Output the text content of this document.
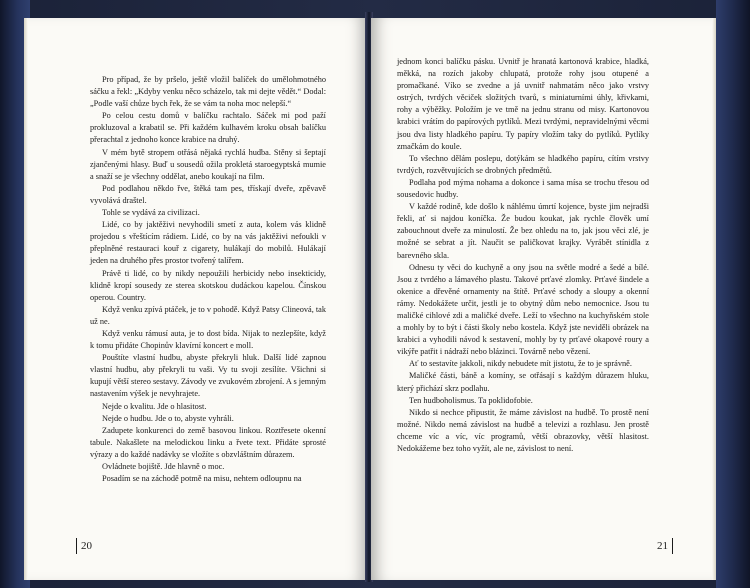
Pro případ, že by pršelo, ještě vložil balíček do umělohmotného sáčku a řekl: „Kdyby venku něco scházelo, tak mi dejte vědět.“ Dodal: „Podle vaší chůze bych řek, že se vám ta noha moc nelepší.“

Po celou cestu domů v balíčku rachtalo. Sáček mi pod paží prokluzoval a krabatil se. Při každém kulhavém kroku obsah balíčku přerachtal z jednoho konce krabice na druhý.

V mém bytě stropem otřásá nějaká rychlá hudba. Stěny si šeptají zjančenými hlasy. Buď u sousedů ožila prokletá staroegyptská mumie a snaží se je všechny oddělat, anebo koukají na film.

Pod podlahou někdo řve, štěká tam pes, třískají dveře, zpěvavě vyvolává draštel.

Tohle se vydává za civilizaci.

Lidé, co by jaktěživi nevyhodili smetí z auta, kolem vás klidně projedou s vřeštícím rádiem. Lidé, co by na vás jaktěživi nefoukli v přeplněné restauraci kouř z cigarety, hulákají do mobilů. Hulákají jeden na druhého přes prostor tvořený talířem.

Právě ti lidé, co by nikdy nepoužili herbicidy nebo insekticidy, klidně kropí sousedy ze sterea skotskou dudáckou kapelou. Čínskou operou. Country.

Když venku zpívá ptáček, je to v pohodě. Když Patsy Clineová, tak už ne.

Když venku rámusí auta, je to dost bída. Nijak to nezlepšíte, když k tomu přidáte Chopinův klavírní koncert e moll.

Pouštíte vlastní hudbu, abyste překryli hluk. Další lidé zapnou vlastní hudbu, aby překryli tu vaši. Vy tu svoji zesílíte. Všichni si kupují větší stereo sestavy. Závody ve zvukovém zbrojení. A s jemným nastavením výšek je nevyhrajete.

Nejde o kvalitu. Jde o hlasitost.

Nejde o hudbu. Jde o to, abyste vyhráli.

Zadupete konkurenci do země basovou linkou. Roztřesete okenní tabule. Nakašlete na melodickou linku a řvete text. Přidáte sprosté výrazy a do každé nadávky se vložíte s obzvláštním důrazem.

Ovládnete bojiště. Jde hlavně o moc.

Posadím se na záchodě potmě na misu, nehtem odloupnu na

20

jednom konci balíčku pásku. Uvnitř je hranatá kartonová krabice, hladká, měkká, na rozích jakoby chlupatá, protože rohy jsou otupené a promačkané. Víko se zvedne a já uvnitř nahmatám něco jako vrstvy ostrých, tvrdých věciček složitých tvarů, s miniaturními úhly, křivkami, rohy a výběžky. Položím je ve tmě na jednu stranu od misy. Kartonovou krabici vrátím do papírových pytlíků. Mezi tvrdými, nepravidelnými věcmi jsou dva listy hladkého papíru. Ty papíry vložím taky do pytlíků. Pytlíky zmačkám do koule.

To všechno dělám poslepu, dotýkám se hladkého papíru, cítím vrstvy tvrdých, rozvětvujících se drobných předmětů.

Podlaha pod mýma nohama a dokonce i sama mísa se trochu třesou od sousedovic hudby.

V každé rodině, kde došlo k náhlému úmrtí kojence, byste jim nejradši řekli, ať si najdou koníčka. Že budou koukat, jak rychle člověk umí zabouchnout dveře za minulostí. Že bez ohledu na to, jak jsou věci zlé, je možné se sebrat a jít. Naučit se paličkovat krajky. Vyrábět stínidla z barevného skla.

Odnesu ty věci do kuchyně a ony jsou na světle modré a šedé a bílé. Jsou z tvrdého a lámavého plastu. Takové prťavé zlomky. Prťavé šindele a okenice a dřevěné ornamenty na štítě. Prťavé schody a sloupy a okenní rámy. Nedokážete určit, jestli je to obytný dům nebo nemocnice. Jsou tu maličké cihlové zdi a maličké dveře. Leží to všechno na kuchyňském stole a mohly by to být i části školy nebo kostela. Když jste neviděli obrázek na krabici a vyhodili návod k sestavení, mohly by ty prťavé okapové roury a vikýře patřit i nádraží nebo blázinci. Továrně nebo vězení.

Ať to sestavíte jakkoli, nikdy nebudete mít jistotu, že to je správně.

Maličké části, báně a komíny, se otřásají s každým důrazem hluku, který přichází skrz podlahu.

Ten hudboholismus. Ta poklidofobie.

Nikdo si nechce připustit, že máme závislost na hudbě. To prostě není možné. Nikdo nemá závislost na hudbě a televizi a rozhlasu. Jen prostě chceme víc a víc, víc programů, větší obrazovky, větší hlasitost. Nedokážeme bez toho vyžít, ale ne, závislost to není.

21
